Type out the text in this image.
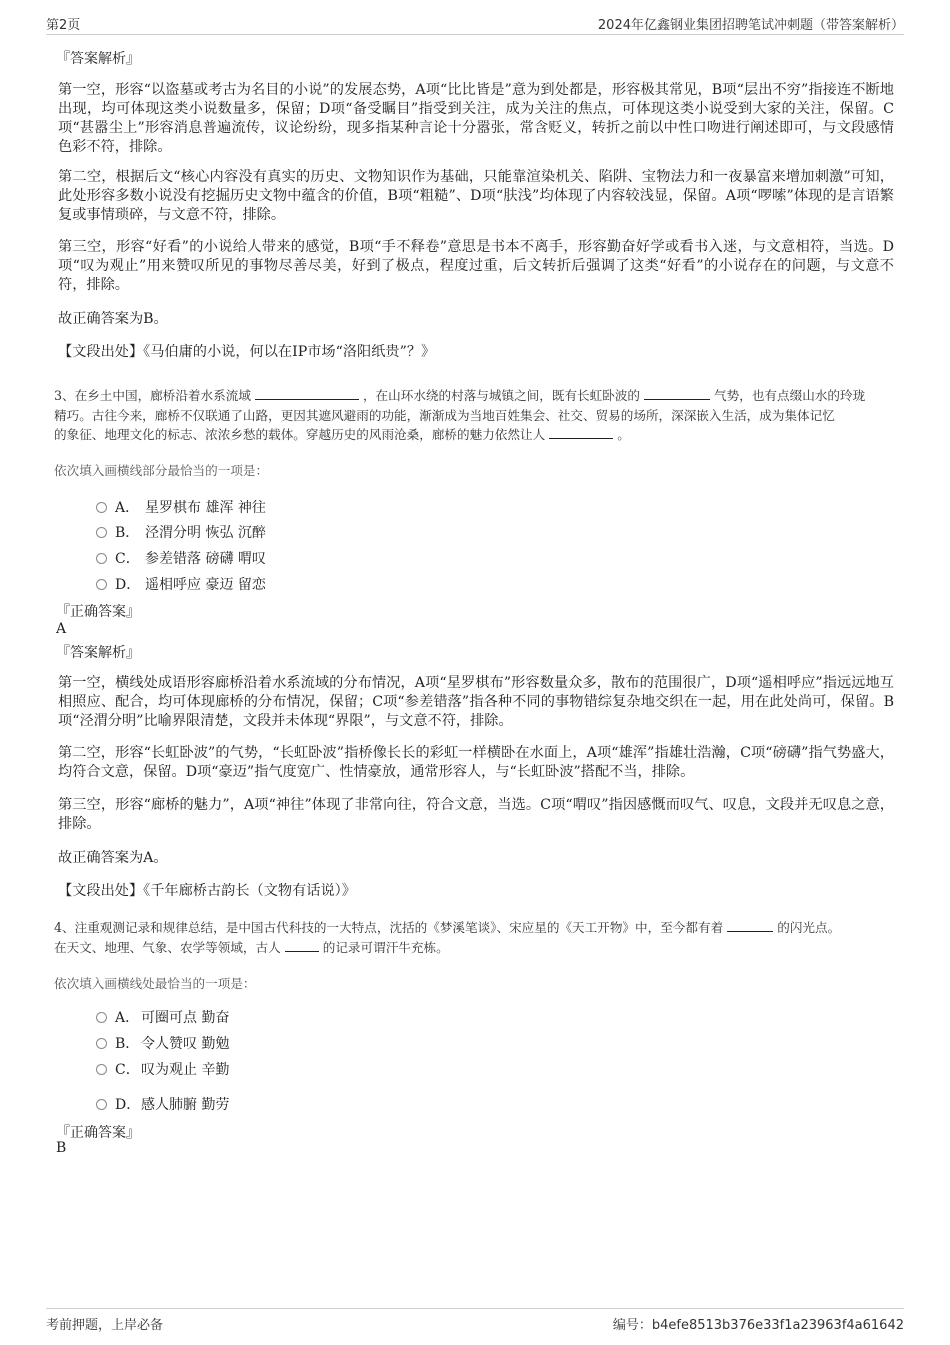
第2页	2024年亿鑫钢业集团招聘笔试冲刺题（带答案解析）
『答案解析』
第一空，形容“以盗墓或考古为名目的小说”的发展态势，A项“比比皆是”意为到处都是，形容极其常见，B项“层出不穷”指接连不断地出现，均可体现这类小说数量多，保留；D项“备受瞩目”指受到关注，成为关注的焦点，可体现这类小说受到大家的关注，保留。C项“甚嚣尘上”形容消息普遍流传，议论纷纷，现多指某种言论十分嚣张，常含贬义，转折之前以中性口吻进行阐述即可，与文段感情色彩不符，排除。
第二空，根据后文“核心内容没有真实的历史、文物知识作为基础，只能靠渲染机关、陷阱、宝物法力和一夜暴富来增加刺激”可知，此处形容多数小说没有挖掘历史文物中蕴含的价值，B项“粗糙”、D项“肤浅”均体现了内容较浅显，保留。A项“啰嗦”体现的是言语繁复或事情琐碎，与文意不符，排除。
第三空，形容“好看”的小说给人带来的感觉，B项“手不释卷”意思是书本不离手，形容勤奋好学或看书入迷，与文意相符，当选。D项“叹为观止”用来赞叹所见的事物尽善尽美，好到了极点，程度过重，后文转折后强调了这类“好看”的小说存在的问题，与文意不符，排除。
故正确答案为B。
【文段出处】《马伯庸的小说，何以在IP市场“洛阳纸贵”？》
3、在乡土中国，廊桥沿着水系流域	，在山环水绕的村落与城镇之间，既有长虹卧波的	气势，也有点缀山水的玲珑
精巧。古往今来，廊桥不仅联通了山路，更因其遮风避雨的功能，渐渐成为当地百姓集会、社交、贸易的场所，深深嵌入生活，成为集体记忆
的象征、地理文化的标志、浓浓乡愁的载体。穿越历史的风雨沧桑，廊桥的魅力依然让人	。
依次填入画横线部分最恰当的一项是：
A． 星罗棋布 雄浑 神往
B． 泾渭分明 恢弘 沉醉
C． 参差错落 磅礴 喟叹
D． 遥相呼应 豪迈 留恋
『正确答案』
A
『答案解析』
第一空，横线处成语形容廊桥沿着水系流域的分布情况，A项“星罗棋布”形容数量众多，散布的范围很广，D项“遥相呼应”指远远地互相照应、配合，均可体现廊桥的分布情况，保留；C项“参差错落”指各种不同的事物错综复杂地交织在一起，用在此处尚可，保留。B项“泾渭分明”比喻界限清楚，文段并未体现“界限”，与文意不符，排除。
第二空，形容“长虹卧波”的气势，“长虹卧波”指桥像长长的彩虹一样横卧在水面上，A项“雄浑”指雄壮浩瀚，C项“磅礴”指气势盛大，均符合文意，保留。D项“豪迈”指气度宽广、性情豪放，通常形容人，与“长虹卧波”搭配不当，排除。
第三空，形容“廊桥的魅力”，A项“神往”体现了非常向往，符合文意，当选。C项“喟叹”指因感慨而叹气、叹息，文段并无叹息之意，排除。
故正确答案为A。
【文段出处】《千年廊桥古韵长（文物有话说）》
4、注重观测记录和规律总结，是中国古代科技的一大特点，沈括的《梦溪笔谈》、宋应星的《天工开物》中，至今都有着	的闪光点。
在天文、地理、气象、农学等领域，古人	的记录可谓汗牛充栋。
依次填入画横线处最恰当的一项是：
A． 可圈可点 勤奋
B． 令人赞叹 勤勉
C．叹为观止 辛勤
D．感人肺腑 勤劳
『正确答案』
B
考前押题，上岸必备	编号：b4efe8513b376e33f1a23963f4a61642
